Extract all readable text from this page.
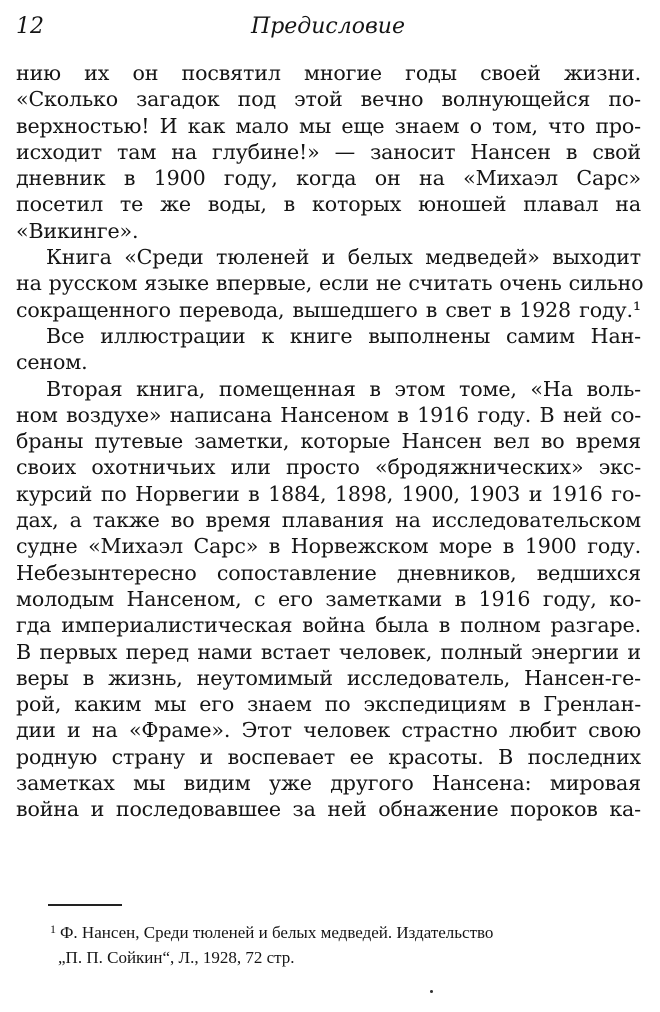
12	Предисловие
нию их он посвятил многие годы своей жизни.
«Сколько загадок под этой вечно волнующейся по-
верхностью! И как мало мы еще знаем о том, что про-
исходит там на глубине!» — заносит Нансен в свой
дневник в 1900 году, когда он на «Михаэл Сарс»
посетил те же воды, в которых юношей плавал на
«Викинге».
Книга «Среди тюленей и белых медведей» выходит
на русском языке впервые, если не считать очень сильно
сокращенного перевода, вышедшего в свет в 1928 году.¹
Все иллюстрации к книге выполнены самим Нан-
сеном.
Вторая книга, помещенная в этом томе, «На воль-
ном воздухе» написана Нансеном в 1916 году. В ней со-
браны путевые заметки, которые Нансен вел во время
своих охотничьих или просто «бродяжнических» экс-
курсий по Норвегии в 1884, 1898, 1900, 1903 и 1916 го-
дах, а также во время плавания на исследовательском
судне «Михаэл Сарс» в Норвежском море в 1900 году.
Небезынтересно сопоставление дневников, ведшихся
молодым Нансеном, с его заметками в 1916 году, ко-
гда империалистическая война была в полном разгаре.
В первых перед нами встает человек, полный энергии и
веры в жизнь, неутомимый исследователь, Нансен-ге-
рой, каким мы его знаем по экспедициям в Гренлан-
дии и на «Фраме». Этот человек страстно любит свою
родную страну и воспевает ее красоты. В последних
заметках мы видим уже другого Нансена: мировая
война и последовавшее за ней обнажение пороков ка-
$^1$ Ф. Нансен, Среди тюленей и белых медведей. Издательство
„П. П. Сойкин“, Л., 1928, 72 стр.
